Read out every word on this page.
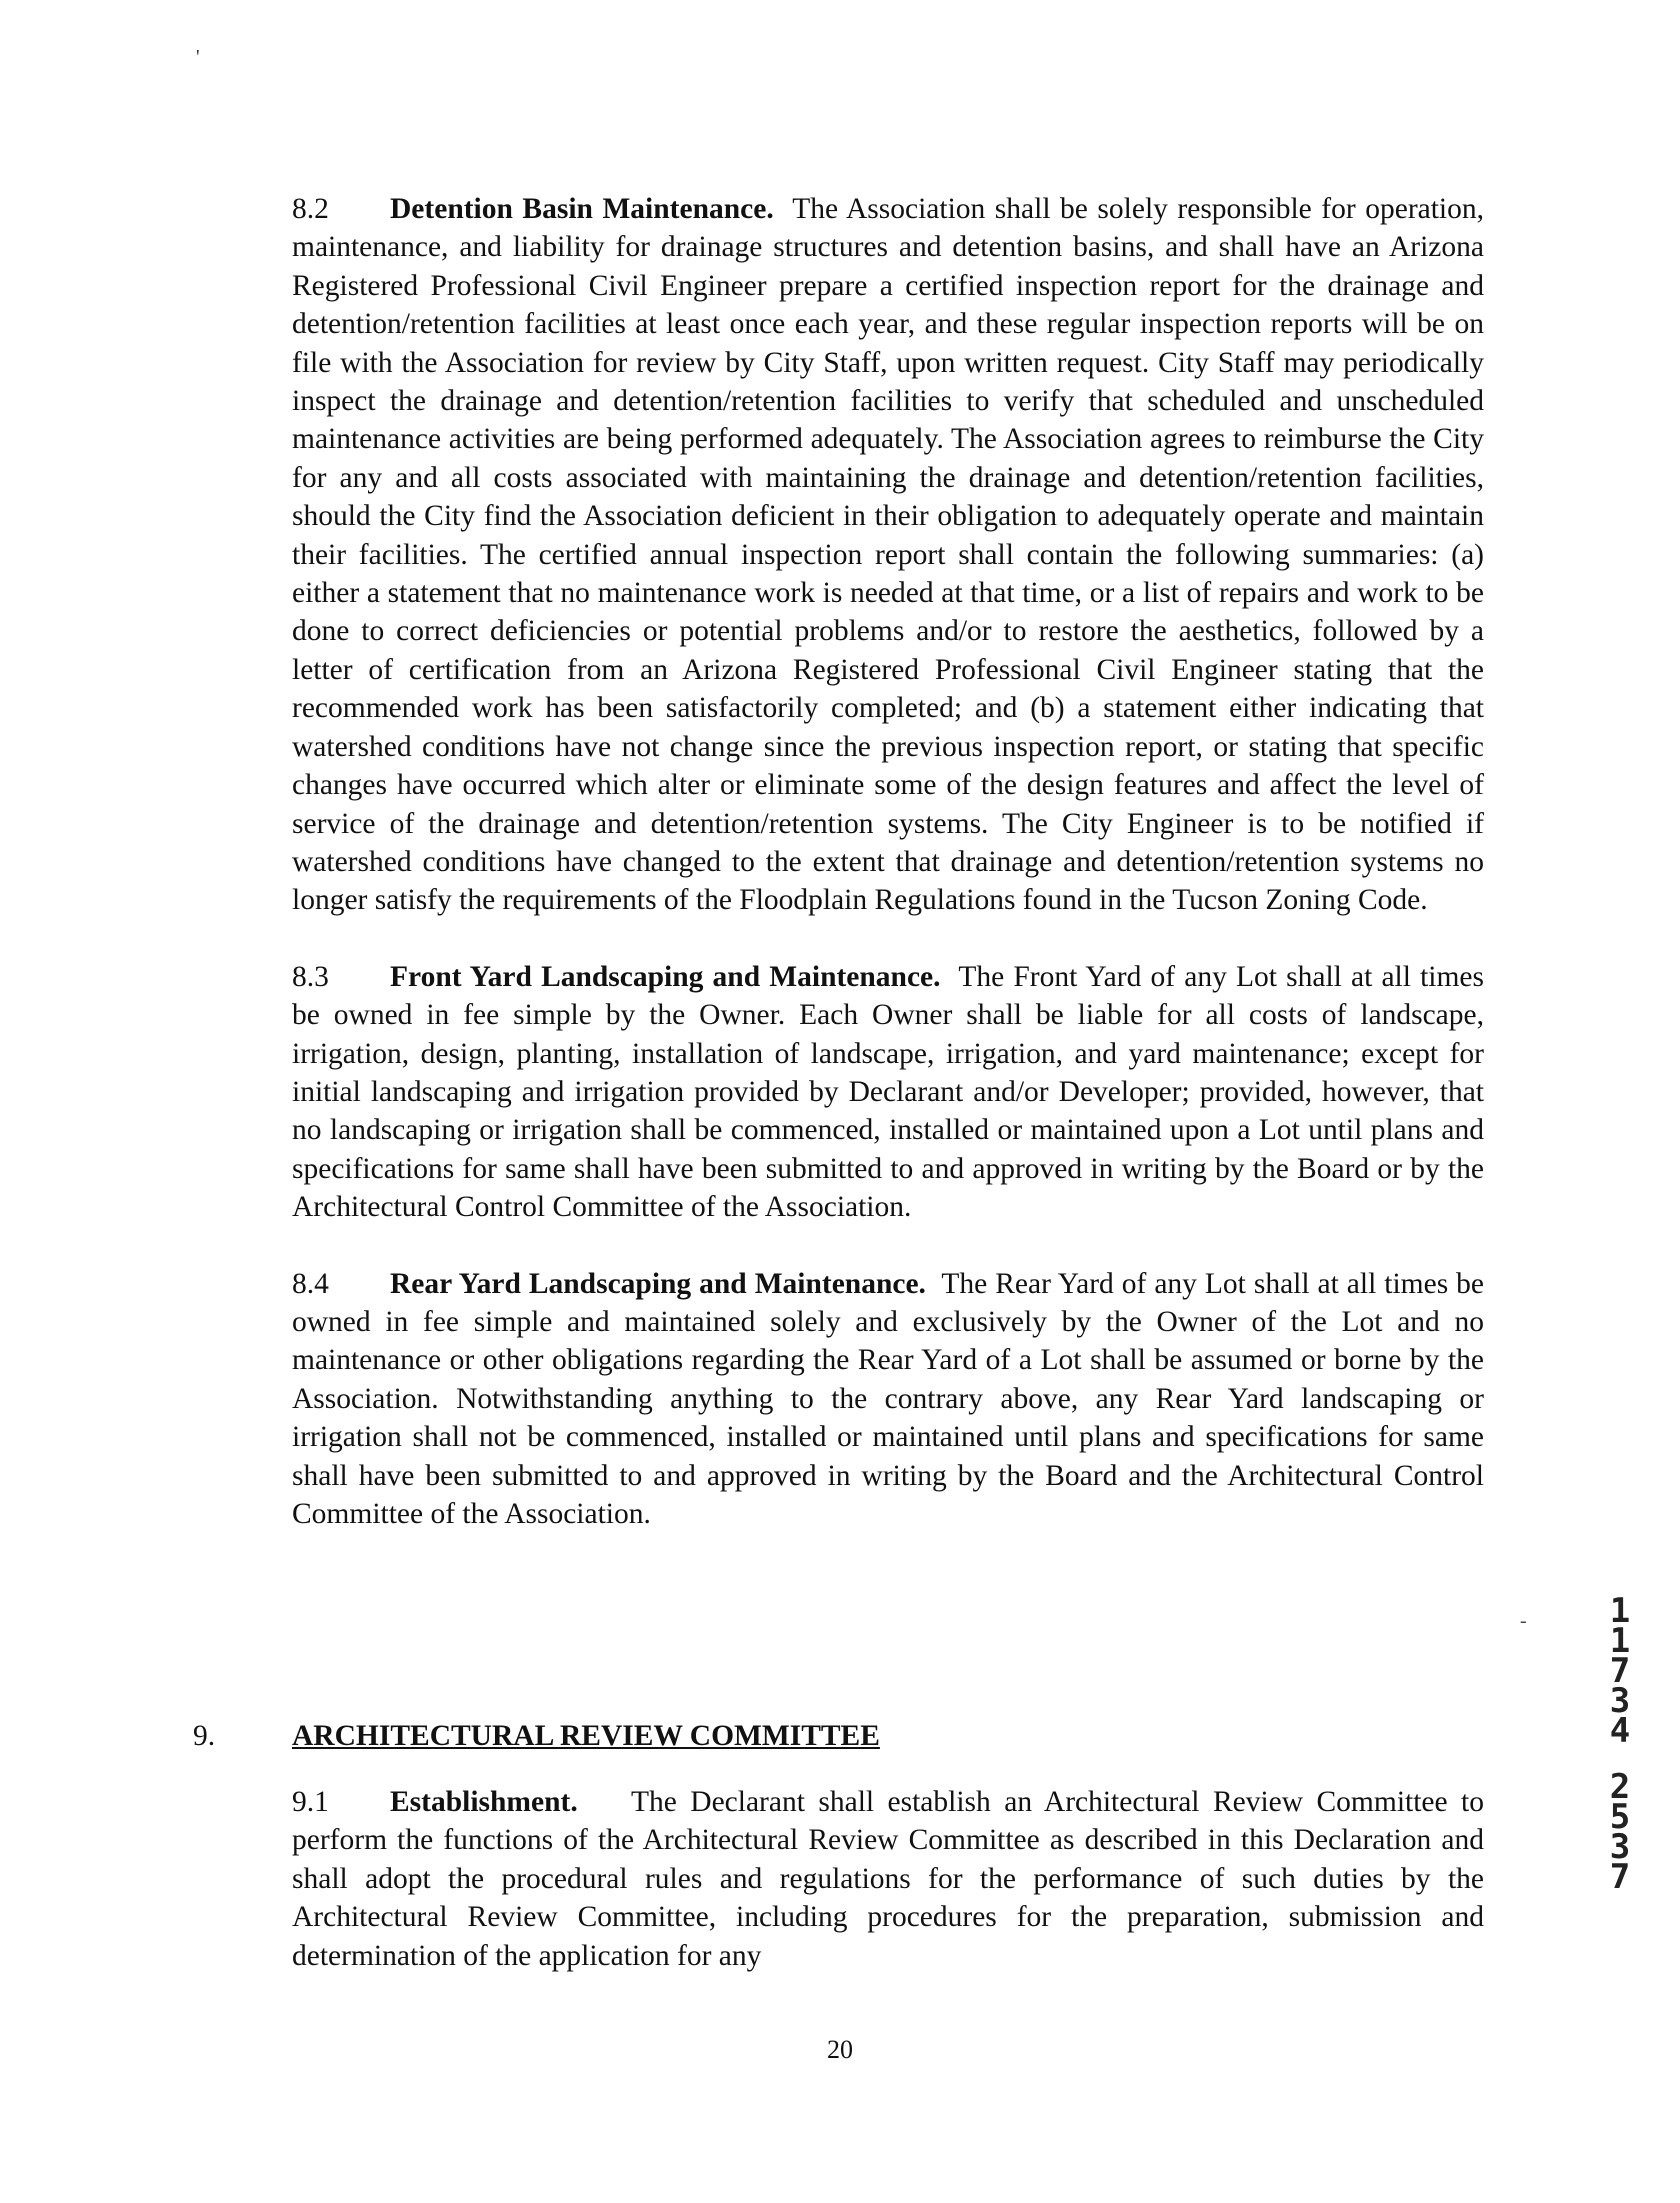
'

8.2 Detention Basin Maintenance. The Association shall be solely responsible for operation, maintenance, and liability for drainage structures and detention basins, and shall have an Arizona Registered Professional Civil Engineer prepare a certified inspection report for the drainage and detention/retention facilities at least once each year, and these regular inspection reports will be on file with the Association for review by City Staff, upon written request. City Staff may periodically inspect the drainage and detention/retention facilities to verify that scheduled and unscheduled maintenance activities are being performed adequately. The Association agrees to reimburse the City for any and all costs associated with maintaining the drainage and detention/retention facilities, should the City find the Association deficient in their obligation to adequately operate and maintain their facilities. The certified annual inspection report shall contain the following summaries: (a) either a statement that no maintenance work is needed at that time, or a list of repairs and work to be done to correct deficiencies or potential problems and/or to restore the aesthetics, followed by a letter of certification from an Arizona Registered Professional Civil Engineer stating that the recommended work has been satisfactorily completed; and (b) a statement either indicating that watershed conditions have not change since the previous inspection report, or stating that specific changes have occurred which alter or eliminate some of the design features and affect the level of service of the drainage and detention/retention systems. The City Engineer is to be notified if watershed conditions have changed to the extent that drainage and detention/retention systems no longer satisfy the requirements of the Floodplain Regulations found in the Tucson Zoning Code.

8.3 Front Yard Landscaping and Maintenance. The Front Yard of any Lot shall at all times be owned in fee simple by the Owner. Each Owner shall be liable for all costs of landscape, irrigation, design, planting, installation of landscape, irrigation, and yard maintenance; except for initial landscaping and irrigation provided by Declarant and/or Developer; provided, however, that no landscaping or irrigation shall be commenced, installed or maintained upon a Lot until plans and specifications for same shall have been submitted to and approved in writing by the Board or by the Architectural Control Committee of the Association.

8.4 Rear Yard Landscaping and Maintenance. The Rear Yard of any Lot shall at all times be owned in fee simple and maintained solely and exclusively by the Owner of the Lot and no maintenance or other obligations regarding the Rear Yard of a Lot shall be assumed or borne by the Association. Notwithstanding anything to the contrary above, any Rear Yard landscaping or irrigation shall not be commenced, installed or maintained until plans and specifications for same shall have been submitted to and approved in writing by the Board and the Architectural Control Committee of the Association.

9.	ARCHITECTURAL REVIEW COMMITTEE

9.1 Establishment. The Declarant shall establish an Architectural Review Committee to perform the functions of the Architectural Review Committee as described in this Declaration and shall adopt the procedural rules and regulations for the performance of such duties by the Architectural Review Committee, including procedures for the preparation, submission and determination of the application for any

- 1
1
7
3
4
2
5
3
7
20
